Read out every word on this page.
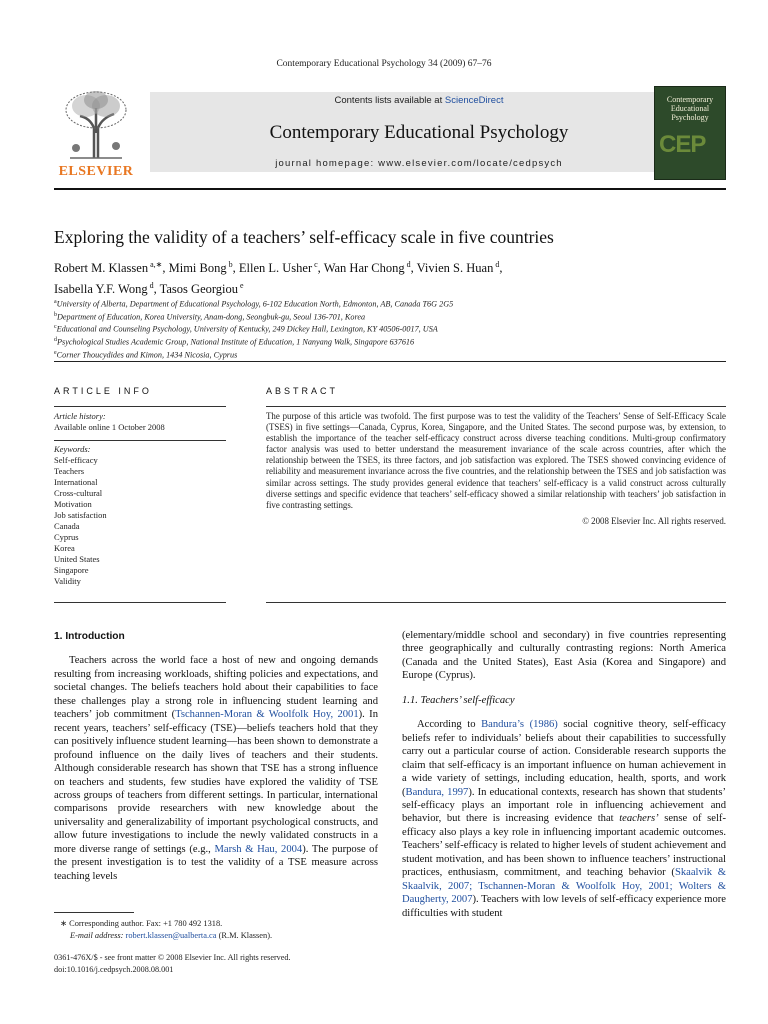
Contemporary Educational Psychology 34 (2009) 67–76
ELSEVIER
Contents lists available at ScienceDirect
Contemporary Educational Psychology
journal homepage: www.elsevier.com/locate/cedpsych
Contemporary
Educational
Psychology
CEP
Exploring the validity of a teachers’ self-efficacy scale in five countries
Robert M. Klassen $^{a,∗}$, Mimi Bong $^b$, Ellen L. Usher $^c$, Wan Har Chong $^d$, Vivien S. Huan $^d$,
Isabella Y.F. Wong $^d$, Tasos Georgiou $^e$
$^a$University of Alberta, Department of Educational Psychology, 6-102 Education North, Edmonton, AB, Canada T6G 2G5
$^b$Department of Education, Korea University, Anam-dong, Seongbuk-gu, Seoul 136-701, Korea
$^c$Educational and Counseling Psychology, University of Kentucky, 249 Dickey Hall, Lexington, KY 40506-0017, USA
$^d$Psychological Studies Academic Group, National Institute of Education, 1 Nanyang Walk, Singapore 637616
$^e$Corner Thoucydides and Kimon, 1434 Nicosia, Cyprus
ARTICLE INFO
Article history:
Available online 1 October 2008
Keywords:
Self-efficacy
Teachers
International
Cross-cultural
Motivation
Job satisfaction
Canada
Cyprus
Korea
United States
Singapore
Validity
ABSTRACT
The purpose of this article was twofold. The first purpose was to test the validity of the Teachers’ Sense of Self-Efficacy Scale (TSES) in five settings—Canada, Cyprus, Korea, Singapore, and the United States. The second purpose was, by extension, to establish the importance of the teacher self-efficacy construct across diverse teaching conditions. Multi-group confirmatory factor analysis was used to better understand the measurement invariance of the scale across countries, after which the relationship between the TSES, its three factors, and job satisfaction was explored. The TSES showed convincing evidence of reliability and measurement invariance across the five countries, and the relationship between the TSES and job satisfaction was similar across settings. The study provides general evidence that teachers’ self-efficacy is a valid construct across culturally diverse settings and specific evidence that teachers’ self-efficacy showed a similar relationship with teachers’ job satisfaction in five contrasting settings.
© 2008 Elsevier Inc. All rights reserved.
1. Introduction
Teachers across the world face a host of new and ongoing demands resulting from increasing workloads, shifting policies and expectations, and societal changes. The beliefs teachers hold about their capabilities to face these challenges play a strong role in influencing student learning and teachers’ job commitment (Tschannen-Moran & Woolfolk Hoy, 2001). In recent years, teachers’ self-efficacy (TSE)—beliefs teachers hold that they can positively influence student learning—has been shown to demonstrate a profound influence on the daily lives of teachers and their students. Although considerable research has shown that TSE has a strong influence on teachers and students, few studies have explored the validity of TSE across groups of teachers from different settings. In particular, international comparisons provide researchers with new knowledge about the universality and generalizability of important psychological constructs, and allow future investigations to include the newly validated constructs in a more diverse range of settings (e.g., Marsh & Hau, 2004). The purpose of the present investigation is to test the validity of a TSE measure across teaching levels
(elementary/middle school and secondary) in five countries representing three geographically and culturally contrasting regions: North America (Canada and the United States), East Asia (Korea and Singapore) and Europe (Cyprus).
1.1. Teachers’ self-efficacy
According to Bandura’s (1986) social cognitive theory, self-efficacy beliefs refer to individuals’ beliefs about their capabilities to successfully carry out a particular course of action. Considerable research supports the claim that self-efficacy is an important influence on human achievement in a wide variety of settings, including education, health, sports, and work (Bandura, 1997). In educational contexts, research has shown that students’ self-efficacy plays an important role in influencing achievement and behavior, but there is increasing evidence that teachers’ sense of self-efficacy also plays a key role in influencing important academic outcomes. Teachers’ self-efficacy is related to higher levels of student achievement and student motivation, and has been shown to influence teachers’ instructional practices, enthusiasm, commitment, and teaching behavior (Skaalvik & Skaalvik, 2007; Tschannen-Moran & Woolfolk Hoy, 2001; Wolters & Daugherty, 2007). Teachers with low levels of self-efficacy experience more difficulties with student
∗ Corresponding author. Fax: +1 780 492 1318.
E-mail address: robert.klassen@ualberta.ca (R.M. Klassen).
0361-476X/$ - see front matter © 2008 Elsevier Inc. All rights reserved.
doi:10.1016/j.cedpsych.2008.08.001
